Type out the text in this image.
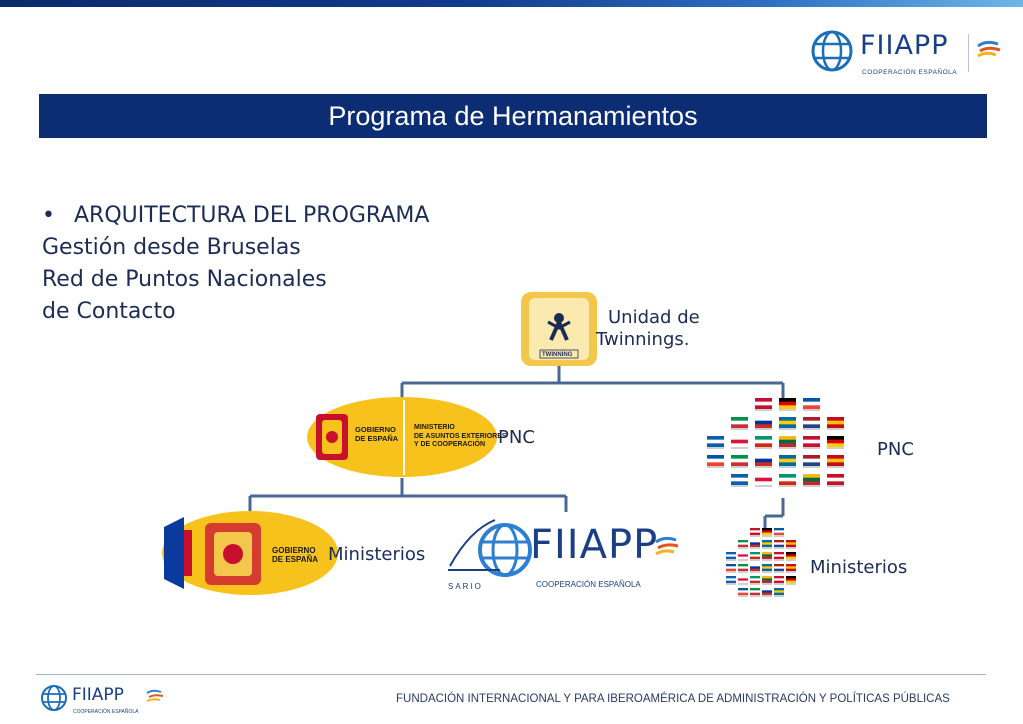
FIIAPP
COOPERACIÓN ESPAÑOLA
Programa de Hermanamientos
• ARQUITECTURA DEL PROGRAMA
Gestión desde Bruselas
Red de Puntos Nacionales
de Contacto
GOBIERNO
DE ESPAÑA
MINISTERIO
DE ASUNTOS EXTERIORES
Y DE COOPERACIÓN
GOBIERNO
DE ESPAÑA
TWINNING
Unidad de
Twinnings.
PNC
PNC
Ministerios
Ministerios
FIIAPP
COOPERACIÓN ESPAÑOLA
SARIO
FIIAPP
COOPERACIÓN ESPAÑOLA
FUNDACIÓN INTERNACIONAL Y PARA IBEROAMÉRICA DE ADMINISTRACIÓN Y POLÍTICAS PÚBLICAS
